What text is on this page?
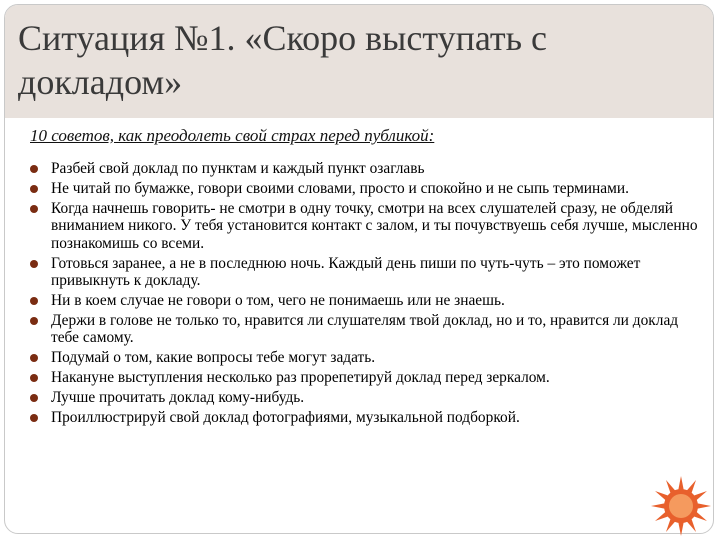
Ситуация №1. «Скоро выступать с докладом»
10 советов, как преодолеть свой страх перед публикой:
Разбей свой доклад по пунктам и каждый пункт озаглавь
Не читай по бумажке, говори своими словами, просто и спокойно и не сыпь терминами.
Когда начнешь говорить- не смотри в одну точку, смотри на всех слушателей сразу, не обделяй вниманием никого. У тебя установится контакт с залом, и ты почувствуешь себя лучше, мысленно познакомишь со всеми.
Готовься заранее, а не в последнюю ночь. Каждый день пиши по чуть-чуть – это поможет привыкнуть к докладу.
Ни в коем случае не говори о том, чего не понимаешь или не знаешь.
Держи в голове не только то, нравится ли слушателям твой доклад, но и то, нравится ли доклад тебе самому.
Подумай о том, какие вопросы тебе могут задать.
Накануне выступления несколько раз прорепетируй доклад перед зеркалом.
Лучше прочитать доклад кому-нибудь.
Проиллюстрируй свой доклад фотографиями, музыкальной подборкой.
